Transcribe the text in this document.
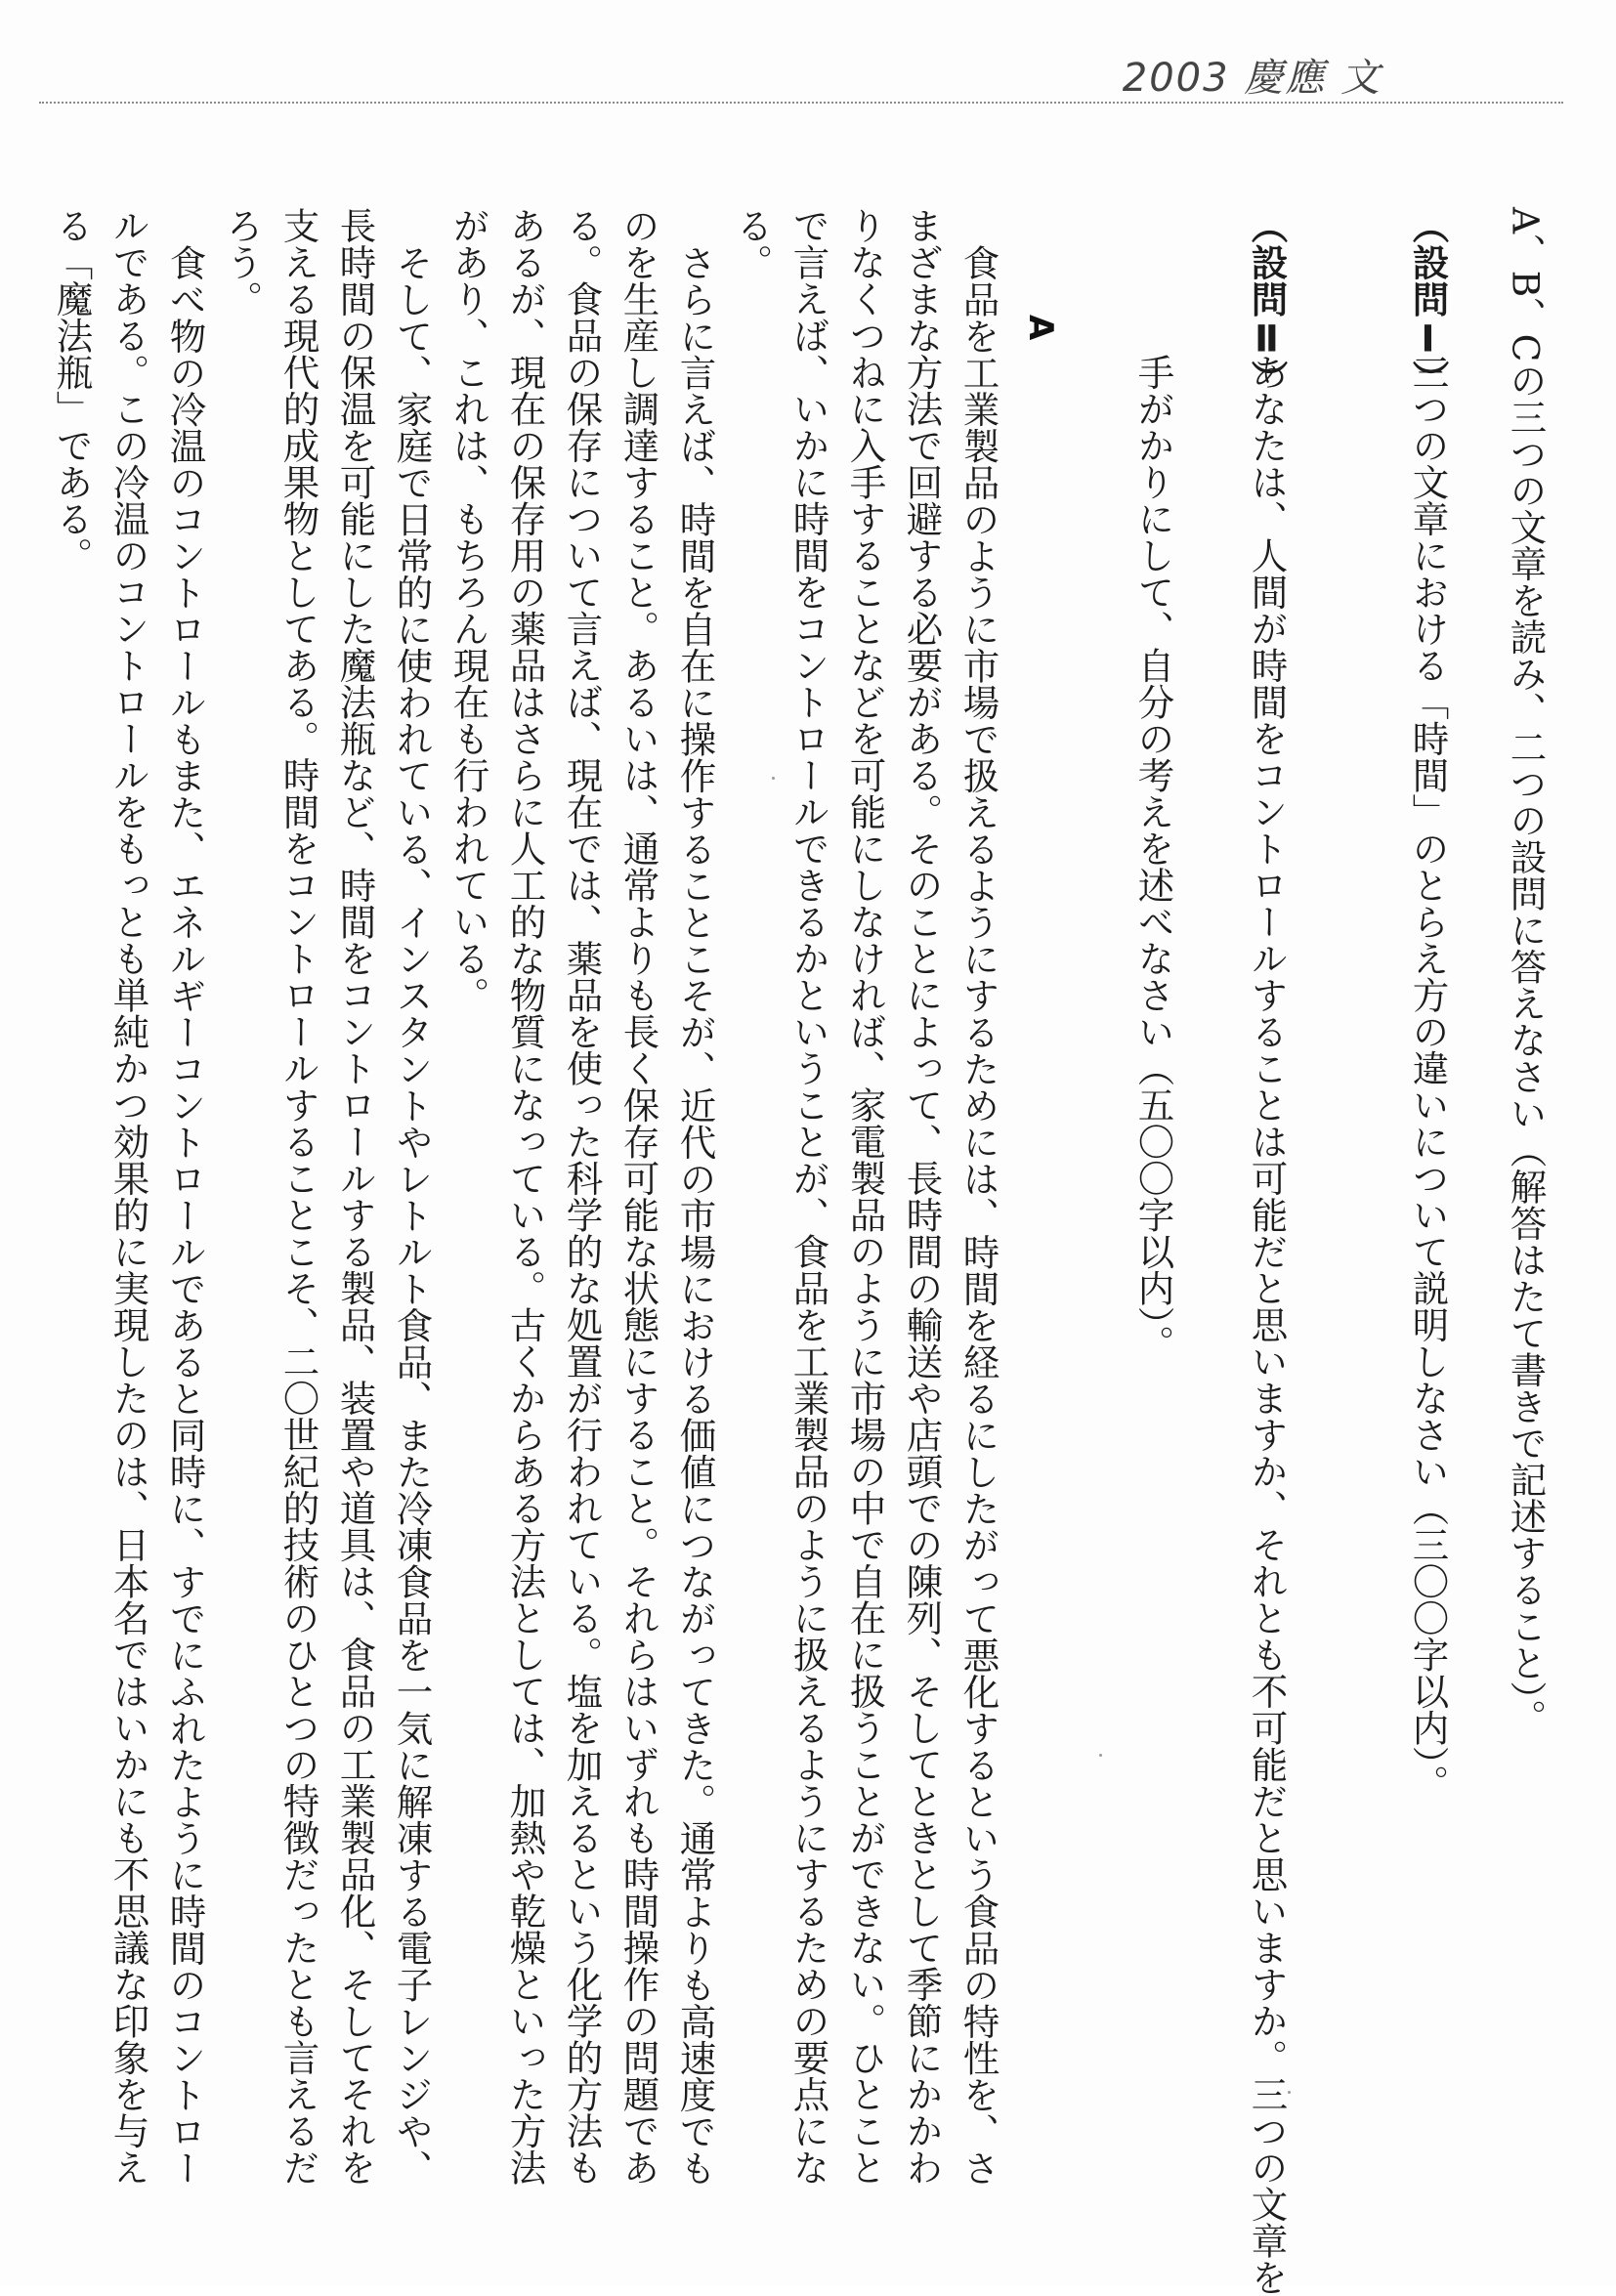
2003 慶應 文
A、B、Cの三つの文章を読み、二つの設問に答えなさい（解答はたて書きで記述すること）。
（設問Ⅰ）
三つの文章における「時間」のとらえ方の違いについて説明しなさい（三〇〇字以内）。
（設問Ⅱ）
あなたは、人間が時間をコントロールすることは可能だと思いますか、それとも不可能だと思いますか。三つの文章を
手がかりにして、自分の考えを述べなさい（五〇〇字以内）。
A
食品を工業製品のように市場で扱えるようにするためには、時間を経るにしたがって悪化するという食品の特性を、さ
まざまな方法で回避する必要がある。そのことによって、長時間の輸送や店頭での陳列、そしてときとして季節にかかわ
りなくつねに入手することなどを可能にしなければ、家電製品のように市場の中で自在に扱うことができない。ひとこと
で言えば、いかに時間をコントロールできるかということが、食品を工業製品のように扱えるようにするための要点にな
る。
さらに言えば、時間を自在に操作することこそが、近代の市場における価値につながってきた。通常よりも高速度でも
のを生産し調達すること。あるいは、通常よりも長く保存可能な状態にすること。それらはいずれも時間操作の問題であ
る。食品の保存について言えば、現在では、薬品を使った科学的な処置が行われている。塩を加えるという化学的方法も
あるが、現在の保存用の薬品はさらに人工的な物質になっている。古くからある方法としては、加熱や乾燥といった方法
があり、これは、もちろん現在も行われている。
そして、家庭で日常的に使われている、インスタントやレトルト食品、また冷凍食品を一気に解凍する電子レンジや、
長時間の保温を可能にした魔法瓶など、時間をコントロールする製品、装置や道具は、食品の工業製品化、そしてそれを
支える現代的成果物としてある。時間をコントロールすることこそ、二〇世紀的技術のひとつの特徴だったとも言えるだ
ろう。
食べ物の冷温のコントロールもまた、エネルギーコントロールであると同時に、すでにふれたように時間のコントロー
ルである。この冷温のコントロールをもっとも単純かつ効果的に実現したのは、日本名ではいかにも不思議な印象を与え
る「魔法瓶」である。
